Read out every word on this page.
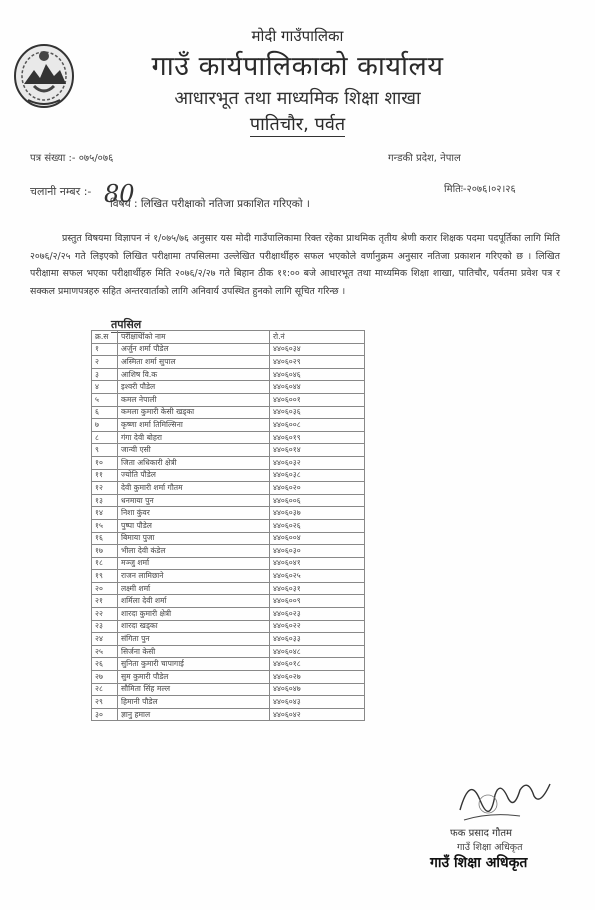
मोदी गाउँपालिका
गाउँ कार्यपालिकाको कार्यालय
आधारभूत तथा माध्यमिक शिक्षा शाखा
पातिचौर, पर्वत
पत्र संख्या :- ०७५/०७६	गन्डकी प्रदेश, नेपाल
चलानी नम्बर :- 80	मितिः-२०७६।०२।२६
विषय : लिखित परीक्षाको नतिजा प्रकाशित गरिएको ।
प्रस्तुत विषयमा विज्ञापन नं १/०७५/७६ अनुसार यस मोदी गाउँपालिकामा रिक्त रहेका प्राथमिक तृतीय श्रेणी करार शिक्षक पदमा पदपूर्तिका लागि मिति २०७६/२/२५ गते लिइएको लिखित परीक्षामा तपसिलमा उल्लेखित परीक्षार्थीहरु सफल भएकोले वर्णानुक्रम अनुसार नतिजा प्रकाशन गरिएको छ । लिखित परीक्षामा सफल भएका परीक्षार्थीहरु मिति २०७६/२/२७ गते बिहान ठीक ११:०० बजे आधारभूत तथा माध्यमिक शिक्षा शाखा, पातिचौर, पर्वतमा प्रवेश पत्र र सक्कल प्रमाणपत्रहरु सहित अन्तरवार्ताको लागि अनिवार्य उपस्थित हुनको लागि सूचित गरिन्छ ।
तपसिल
क्र.स	परीक्षार्थीको नाम	रो.नं
१	अर्जुन शर्मा पौडेल	४४०६०३४
२	अस्मिता शर्मा सुपाल	४४०६०२९
३	आशिष वि.क	४४०६०४६
४	इश्वरी पौडेल	४४०६०४४
५	कमल नेपाली	४४०६००१
६	कमला कुमारी केसी खड्का	४४०६०३६
७	कृष्णा शर्मा तिमिल्सिना	४४०६००८
८	गंगा देवी बोहरा	४४०६०१९
९	जान्वी एसी	४४०६०१४
१०	जिता अधिकारी क्षेत्री	४४०६०३२
११	ज्योति पौडेल	४४०६०३८
१२	देवी कुमारी शर्मा गौतम	४४०६०२०
१३	धनमाया पुन	४४०६००६
१४	निशा कुंवर	४४०६०३७
१५	पुष्पा पौडेल	४४०६०२६
१६	बिमाया पुजा	४४०६००४
१७	भीला देवी कंडेल	४४०६०३०
१८	मञ्जु शर्मा	४४०६०४१
१९	राजन लामिछाने	४४०६०२५
२०	लक्ष्मी शर्मा	४४०६०३१
२१	शर्मिला देवी शर्मा	४४०६००९
२२	शारदा कुमारी क्षेत्री	४४०६०२३
२३	शारदा खड्का	४४०६०२२
२४	संगिता पुन	४४०६०३३
२५	सिर्जना केसी	४४०६०४८
२६	सुनिता कुमारी चापागाई	४४०६०१८
२७	सुम कुमारी पौडेल	४४०६०२७
२८	सौमिता सिंह मल्ल	४४०६०४७
२९	हिमानी पौडेल	४४०६०४३
३०	ज्ञानु हमाल	४४०६०४२
फक प्रसाद गौतम
गाउँ शिक्षा अधिकृत
गाउँ शिक्षा अधिकृत
